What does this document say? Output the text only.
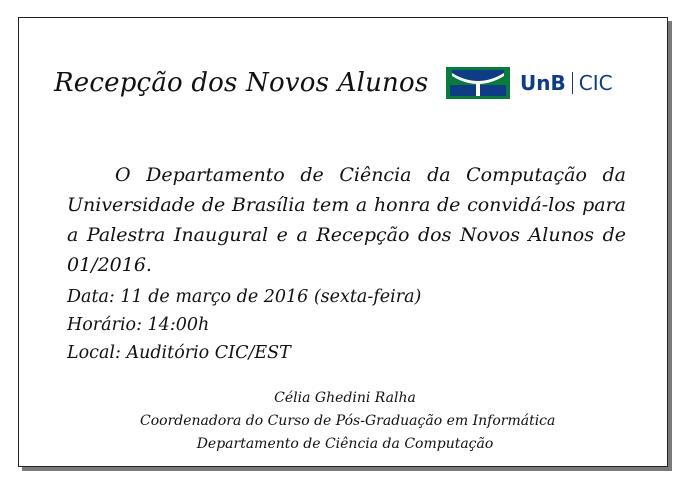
Recepção dos Novos Alunos	UnB CIC
O Departamento de Ciência da Computação da Universidade de Brasília tem a honra de convidá-los para a Palestra Inaugural e a Recepção dos Novos Alunos de 01/2016.
Data: 11 de março de 2016 (sexta-feira)
Horário: 14:00h
Local: Auditório CIC/EST
Célia Ghedini Ralha
Coordenadora do Curso de Pós-Graduação em Informática
Departamento de Ciência da Computação
